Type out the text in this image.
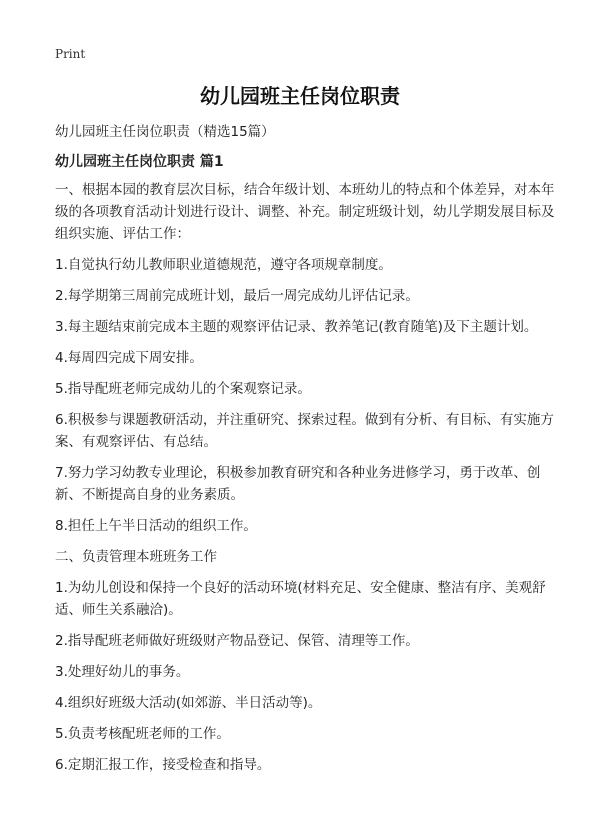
Print
幼儿园班主任岗位职责
幼儿园班主任岗位职责（精选15篇）
幼儿园班主任岗位职责 篇1
一、根据本园的教育层次目标，结合年级计划、本班幼儿的特点和个体差异，对本年级的各项教育活动计划进行设计、调整、补充。制定班级计划，幼儿学期发展目标及组织实施、评估工作：
1.自觉执行幼儿教师职业道德规范，遵守各项规章制度。
2.每学期第三周前完成班计划，最后一周完成幼儿评估记录。
3.每主题结束前完成本主题的观察评估记录、教养笔记(教育随笔)及下主题计划。
4.每周四完成下周安排。
5.指导配班老师完成幼儿的个案观察记录。
6.积极参与课题教研活动，并注重研究、探索过程。做到有分析、有目标、有实施方案、有观察评估、有总结。
7.努力学习幼教专业理论，积极参加教育研究和各种业务进修学习，勇于改革、创新、不断提高自身的业务素质。
8.担任上午半日活动的组织工作。
二、负责管理本班班务工作
1.为幼儿创设和保持一个良好的活动环境(材料充足、安全健康、整洁有序、美观舒适、师生关系融洽)。
2.指导配班老师做好班级财产物品登记、保管、清理等工作。
3.处理好幼儿的事务。
4.组织好班级大活动(如郊游、半日活动等)。
5.负责考核配班老师的工作。
6.定期汇报工作，接受检查和指导。
